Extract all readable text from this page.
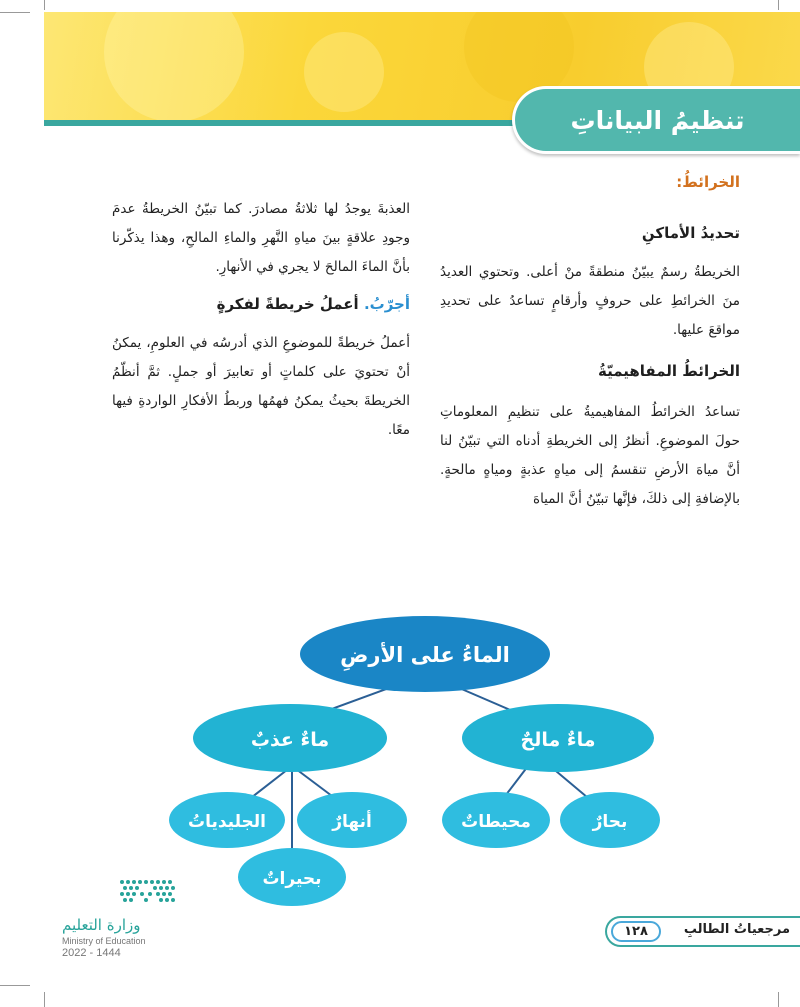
تنظيمُ البياناتِ
الخرائطُ:
تحديدُ الأماكنِ
الخريطةُ رسمٌ يبيّنُ منطقةً منْ أعلى. وتحتوي العديدُ منَ الخرائطِ على حروفٍ وأرقامٍ تساعدُ على تحديدِ مواقعَ عليها.
الخرائطُ المفاهيميّةُ
تساعدُ الخرائطُ المفاهيميةُ على تنظيمِ المعلوماتِ حولَ الموضوعِ. أنظرُ إلى الخريطةِ أدناه التي تبيّنُ لنا أنَّ مياهَ الأرضِ تنقسمُ إلى مياهٍ عذبةٍ ومياهٍ مالحةٍ. بالإضافةِ إلى ذلكَ، فإنَّها تبيّنُ أنَّ المياهَ
العذبةَ يوجدُ لها ثلاثةُ مصادرَ. كما تبيّنُ الخريطةُ عدمَ وجودِ علاقةٍ بينَ مياهِ النَّهرِ والماءِ المالحِ، وهذا يذكّرنا بأنَّ الماءَ المالحَ لا يجري في الأنهارِ.
أجرّبُ. أعملُ خريطةً لفكرةٍ
أعملُ خريطةً للموضوعِ الذي أدرسُه في العلومِ، يمكنُ أنْ تحتويَ على كلماتٍ أو تعابيرَ أو جملٍ. ثمَّ أنظّمُ الخريطةَ بحيثُ يمكنُ فهمُها وربطُ الأفكارِ الواردةِ فيها معًا.
الماءُ على الأرضِ
ماءٌ عذبٌ	ماءٌ مالحٌ
الجليدياتُ	أنهارٌ
بحيراتٌ
محيطاتٌ	بحارٌ
وزارة التعليم
Ministry of Education
2022 - 1444
١٢٨	مرجعياتُ الطالبِ
